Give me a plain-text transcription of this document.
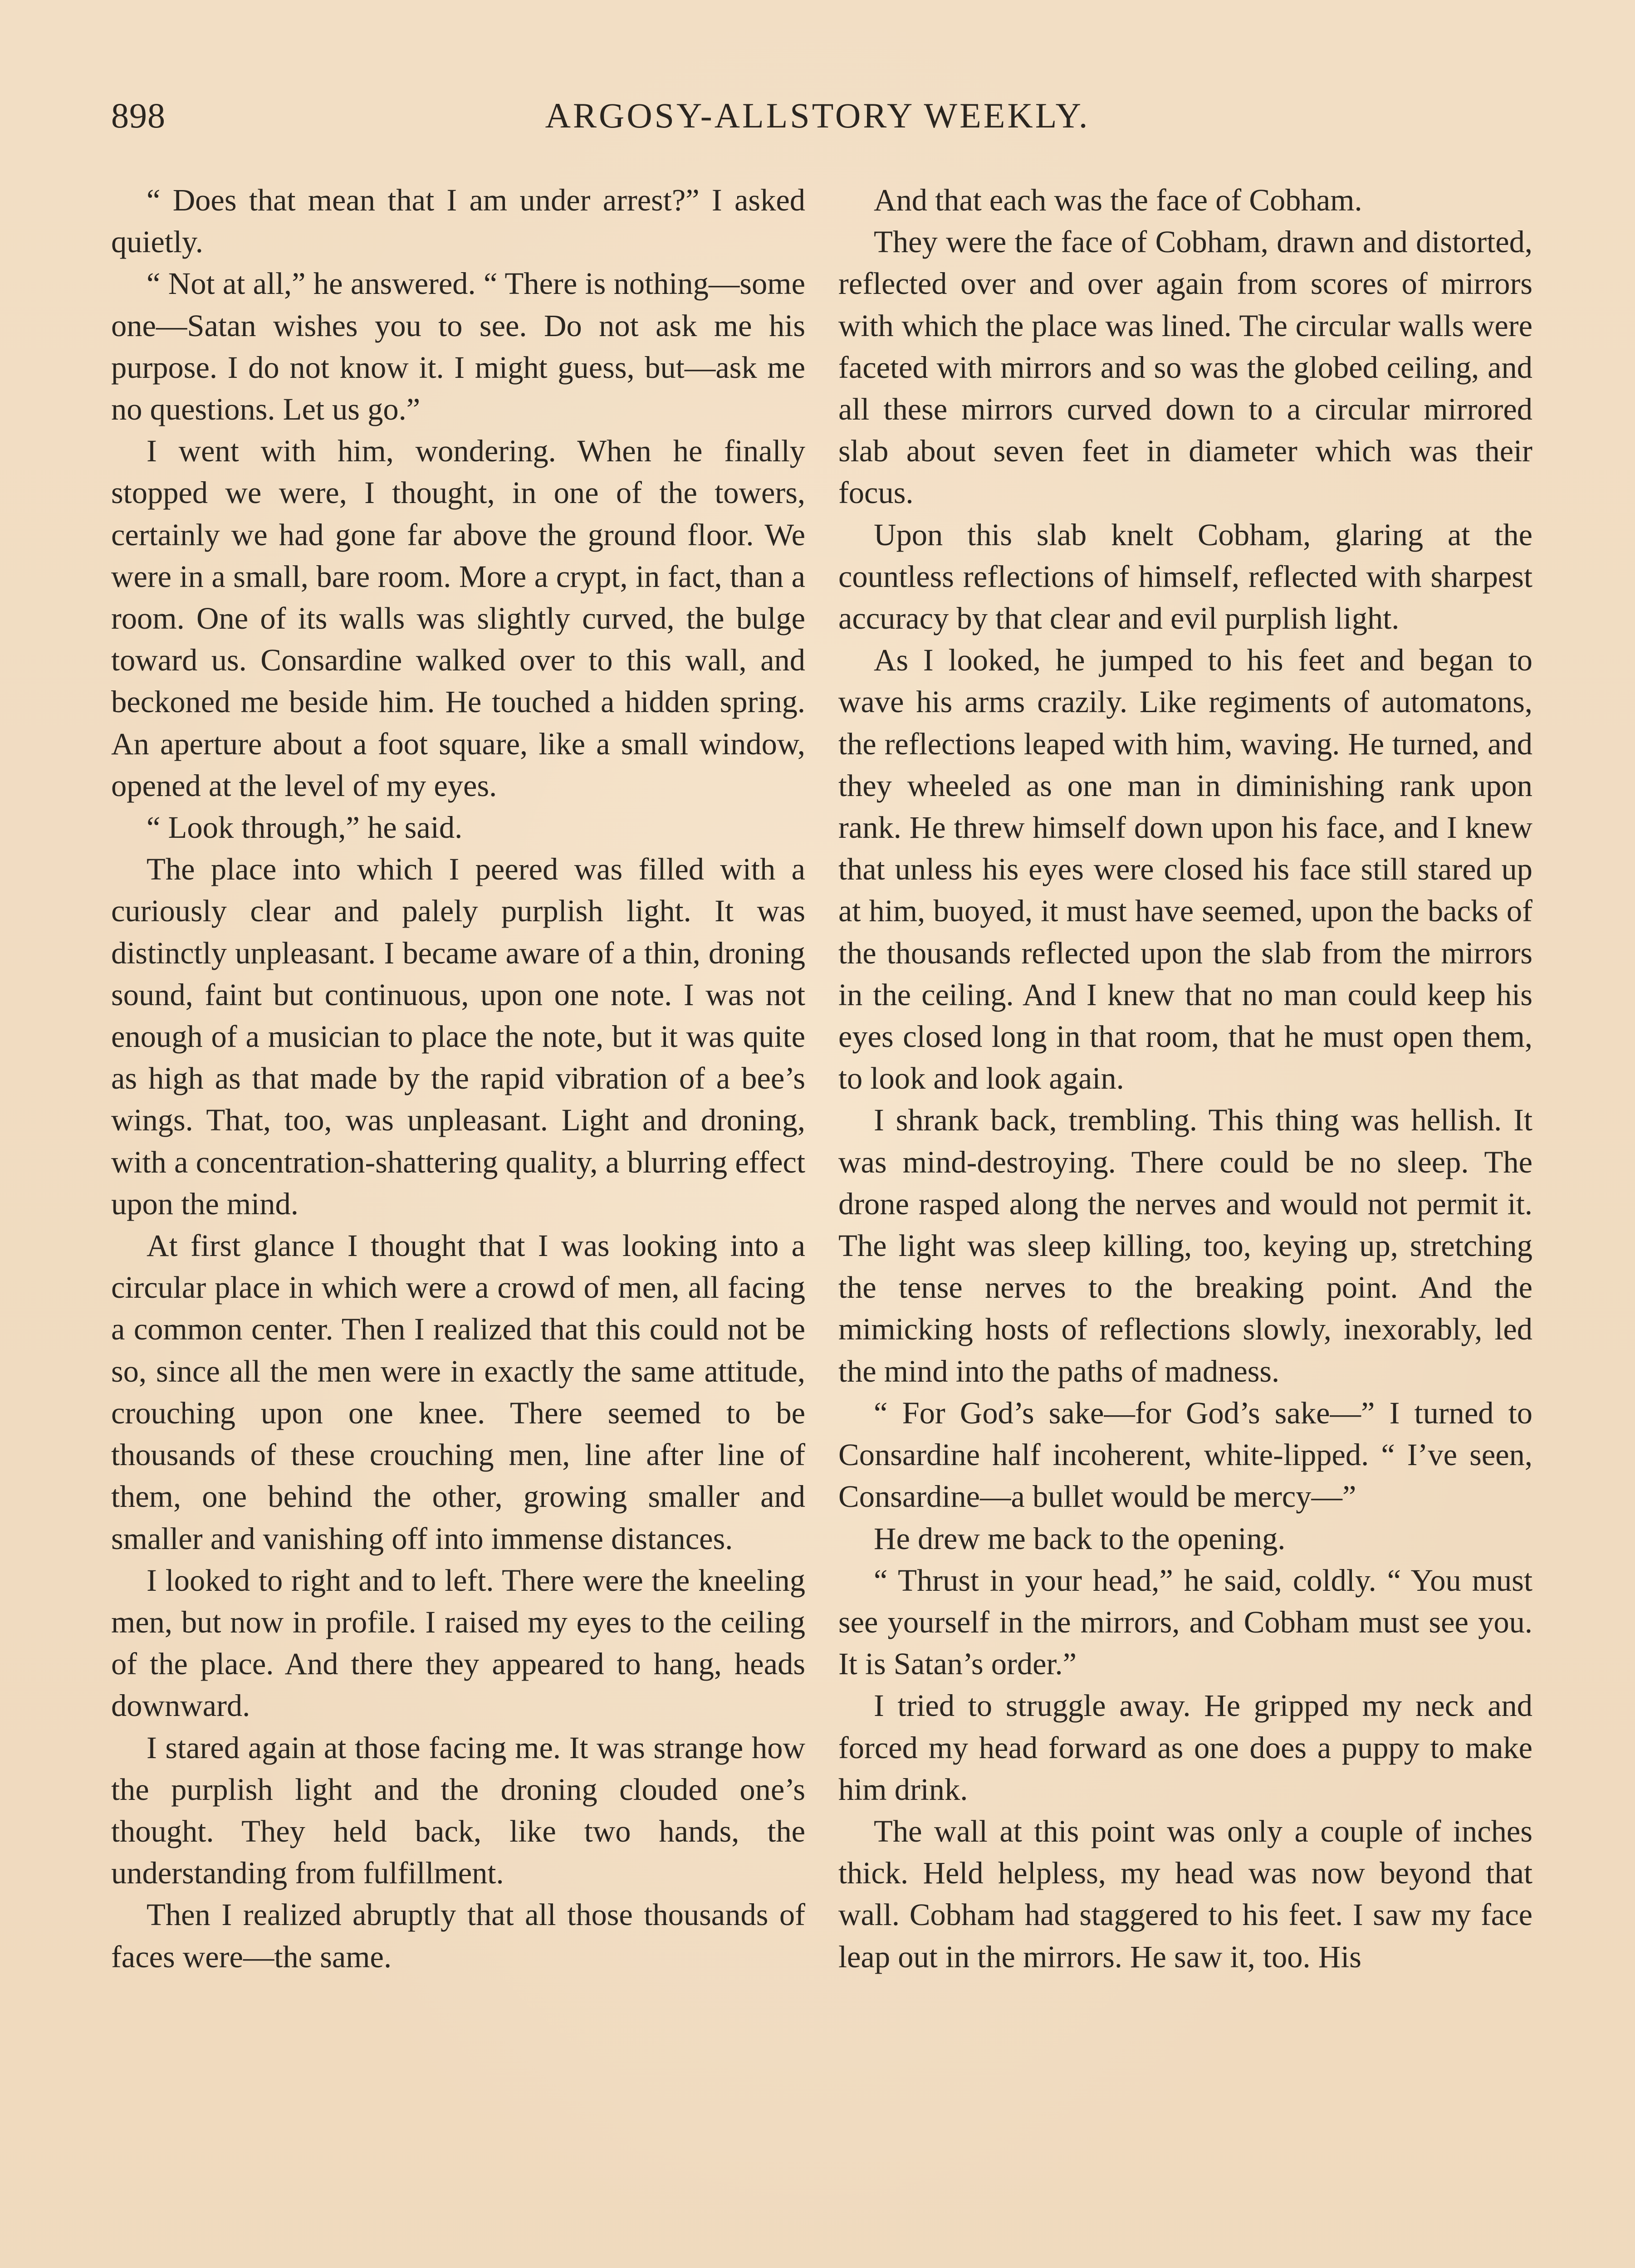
898	ARGOSY-ALLSTORY WEEKLY.

“ Does that mean that I am under arrest?” I asked quietly.

“ Not at all,” he answered. “ There is nothing—some one—Satan wishes you to see. Do not ask me his purpose. I do not know it. I might guess, but—ask me no questions. Let us go.”

I went with him, wondering. When he finally stopped we were, I thought, in one of the towers, certainly we had gone far above the ground floor. We were in a small, bare room. More a crypt, in fact, than a room. One of its walls was slightly curved, the bulge toward us. Consardine walked over to this wall, and beckoned me beside him. He touched a hidden spring. An aperture about a foot square, like a small window, opened at the level of my eyes.

“ Look through,” he said.

The place into which I peered was filled with a curiously clear and palely purplish light. It was distinctly unpleasant. I became aware of a thin, droning sound, faint but continuous, upon one note. I was not enough of a musician to place the note, but it was quite as high as that made by the rapid vibration of a bee’s wings. That, too, was unpleasant. Light and droning, with a concentration-shattering quality, a blurring effect upon the mind.

At first glance I thought that I was looking into a circular place in which were a crowd of men, all facing a common center. Then I realized that this could not be so, since all the men were in exactly the same attitude, crouching upon one knee. There seemed to be thousands of these crouching men, line after line of them, one behind the other, growing smaller and smaller and vanishing off into immense distances.

I looked to right and to left. There were the kneeling men, but now in profile. I raised my eyes to the ceiling of the place. And there they appeared to hang, heads downward.

I stared again at those facing me. It was strange how the purplish light and the droning clouded one’s thought. They held back, like two hands, the understanding from fulfillment.

Then I realized abruptly that all those thousands of faces were—the same.

And that each was the face of Cobham.

They were the face of Cobham, drawn and distorted, reflected over and over again from scores of mirrors with which the place was lined. The circular walls were faceted with mirrors and so was the globed ceiling, and all these mirrors curved down to a circular mirrored slab about seven feet in diameter which was their focus.

Upon this slab knelt Cobham, glaring at the countless reflections of himself, reflected with sharpest accuracy by that clear and evil purplish light.

As I looked, he jumped to his feet and began to wave his arms crazily. Like regiments of automatons, the reflections leaped with him, waving. He turned, and they wheeled as one man in diminishing rank upon rank. He threw himself down upon his face, and I knew that unless his eyes were closed his face still stared up at him, buoyed, it must have seemed, upon the backs of the thousands reflected upon the slab from the mirrors in the ceiling. And I knew that no man could keep his eyes closed long in that room, that he must open them, to look and look again.

I shrank back, trembling. This thing was hellish. It was mind-destroying. There could be no sleep. The drone rasped along the nerves and would not permit it. The light was sleep killing, too, keying up, stretching the tense nerves to the breaking point. And the mimicking hosts of reflections slowly, inexorably, led the mind into the paths of madness.

“ For God’s sake—for God’s sake—” I turned to Consardine half incoherent, white-lipped. “ I’ve seen, Consardine—a bullet would be mercy—”

He drew me back to the opening.

“ Thrust in your head,” he said, coldly. “ You must see yourself in the mirrors, and Cobham must see you. It is Satan’s order.”

I tried to struggle away. He gripped my neck and forced my head forward as one does a puppy to make him drink.

The wall at this point was only a couple of inches thick. Held helpless, my head was now beyond that wall. Cobham had staggered to his feet. I saw my face leap out in the mirrors. He saw it, too. His
